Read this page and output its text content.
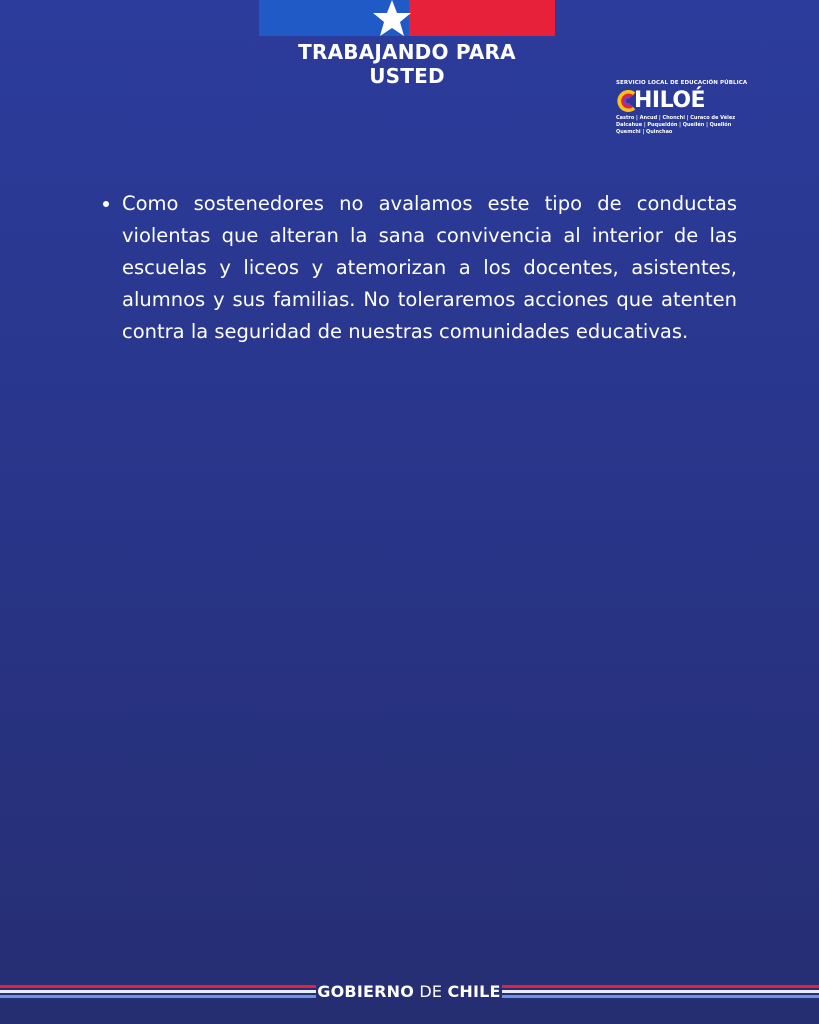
TRABAJANDO PARA USTED	SERVICIO LOCAL DE EDUCACIÓN PÚBLICA
HILOÉ
Castro | Ancud | Chonchi | Curaco de Vélez Dalcahue | Puqueldón | Queilén | Quellón Quemchi | Quinchao
• Como sostenedores no avalamos este tipo de conductas violentas que alteran la sana convivencia al interior de las escuelas y liceos y atemorizan a los docentes, asistentes, alumnos y sus familias. No toleraremos acciones que atenten contra la seguridad de nuestras comunidades educativas.
GOBIERNO DE CHILE
